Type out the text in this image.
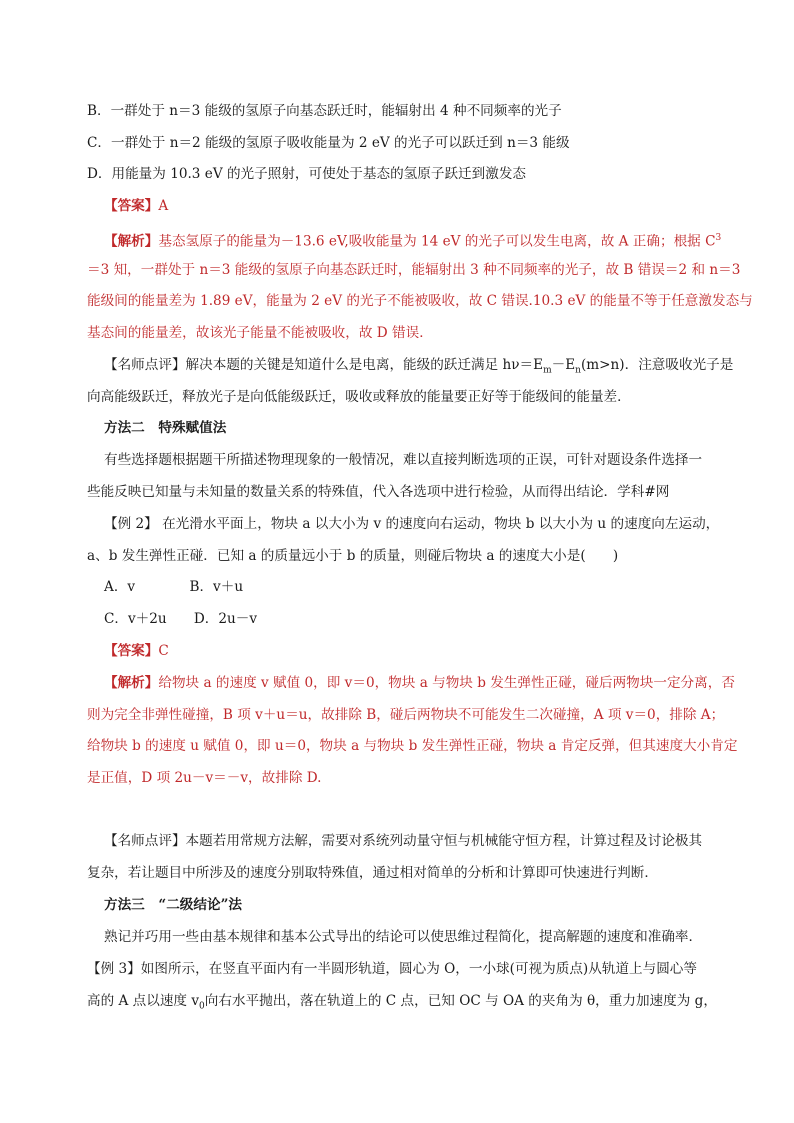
B．一群处于 n＝3 能级的氢原子向基态跃迁时，能辐射出 4 种不同频率的光子
C．一群处于 n＝2 能级的氢原子吸收能量为 2 eV 的光子可以跃迁到 n＝3 能级
D．用能量为 10.3 eV 的光子照射，可使处于基态的氢原子跃迁到激发态
【答案】A
【解析】基态氢原子的能量为－13.6 eV,吸收能量为 14 eV 的光子可以发生电离，故 A 正确；根据 $C^3$
＝3 知，一群处于 n＝3 能级的氢原子向基态跃迁时，能辐射出 3 种不同频率的光子，故 B 错误＝2 和 n＝3
能级间的能量差为 1.89 eV，能量为 2 eV 的光子不能被吸收，故 C 错误.10.3 eV 的能量不等于任意激发态与
基态间的能量差，故该光子能量不能被吸收，故 D 错误．
【名师点评】解决本题的关键是知道什么是电离，能级的跃迁满足 $h\nu=E_m-E_n(m>n)$．注意吸收光子是
向高能级跃迁，释放光子是向低能级跃迁，吸收或释放的能量要正好等于能级间的能量差．
方法二　特殊赋值法
有些选择题根据题干所描述物理现象的一般情况，难以直接判断选项的正误，可针对题设条件选择一
些能反映已知量与未知量的数量关系的特殊值，代入各选项中进行检验，从而得出结论．学科#网
【例 2】 在光滑水平面上，物块 a 以大小为 v 的速度向右运动，物块 b 以大小为 u 的速度向左运动，
a、b 发生弹性正碰．已知 a 的质量远小于 b 的质量，则碰后物块 a 的速度大小是(　　)
A．v　　　　B．v＋u
C．v＋2u　　D．2u－v
【答案】C
【解析】给物块 a 的速度 v 赋值 0，即 v＝0，物块 a 与物块 b 发生弹性正碰，碰后两物块一定分离，否
则为完全非弹性碰撞，B 项 v＋u＝u，故排除 B，碰后两物块不可能发生二次碰撞，A 项 v＝0，排除 A；
给物块 b 的速度 u 赋值 0，即 u＝0，物块 a 与物块 b 发生弹性正碰，物块 a 肯定反弹，但其速度大小肯定
是正值，D 项 2u－v＝－v，故排除 D.
【名师点评】本题若用常规方法解，需要对系统列动量守恒与机械能守恒方程，计算过程及讨论极其
复杂，若让题目中所涉及的速度分别取特殊值，通过相对简单的分析和计算即可快速进行判断．
方法三　“二级结论”法
熟记并巧用一些由基本规律和基本公式导出的结论可以使思维过程简化，提高解题的速度和准确率．
【例 3】如图所示，在竖直平面内有一半圆形轨道，圆心为 O，一小球(可视为质点)从轨道上与圆心等
高的 A 点以速度 $v_0$向右水平抛出，落在轨道上的 C 点，已知 OC 与 OA 的夹角为 θ，重力加速度为 g，
